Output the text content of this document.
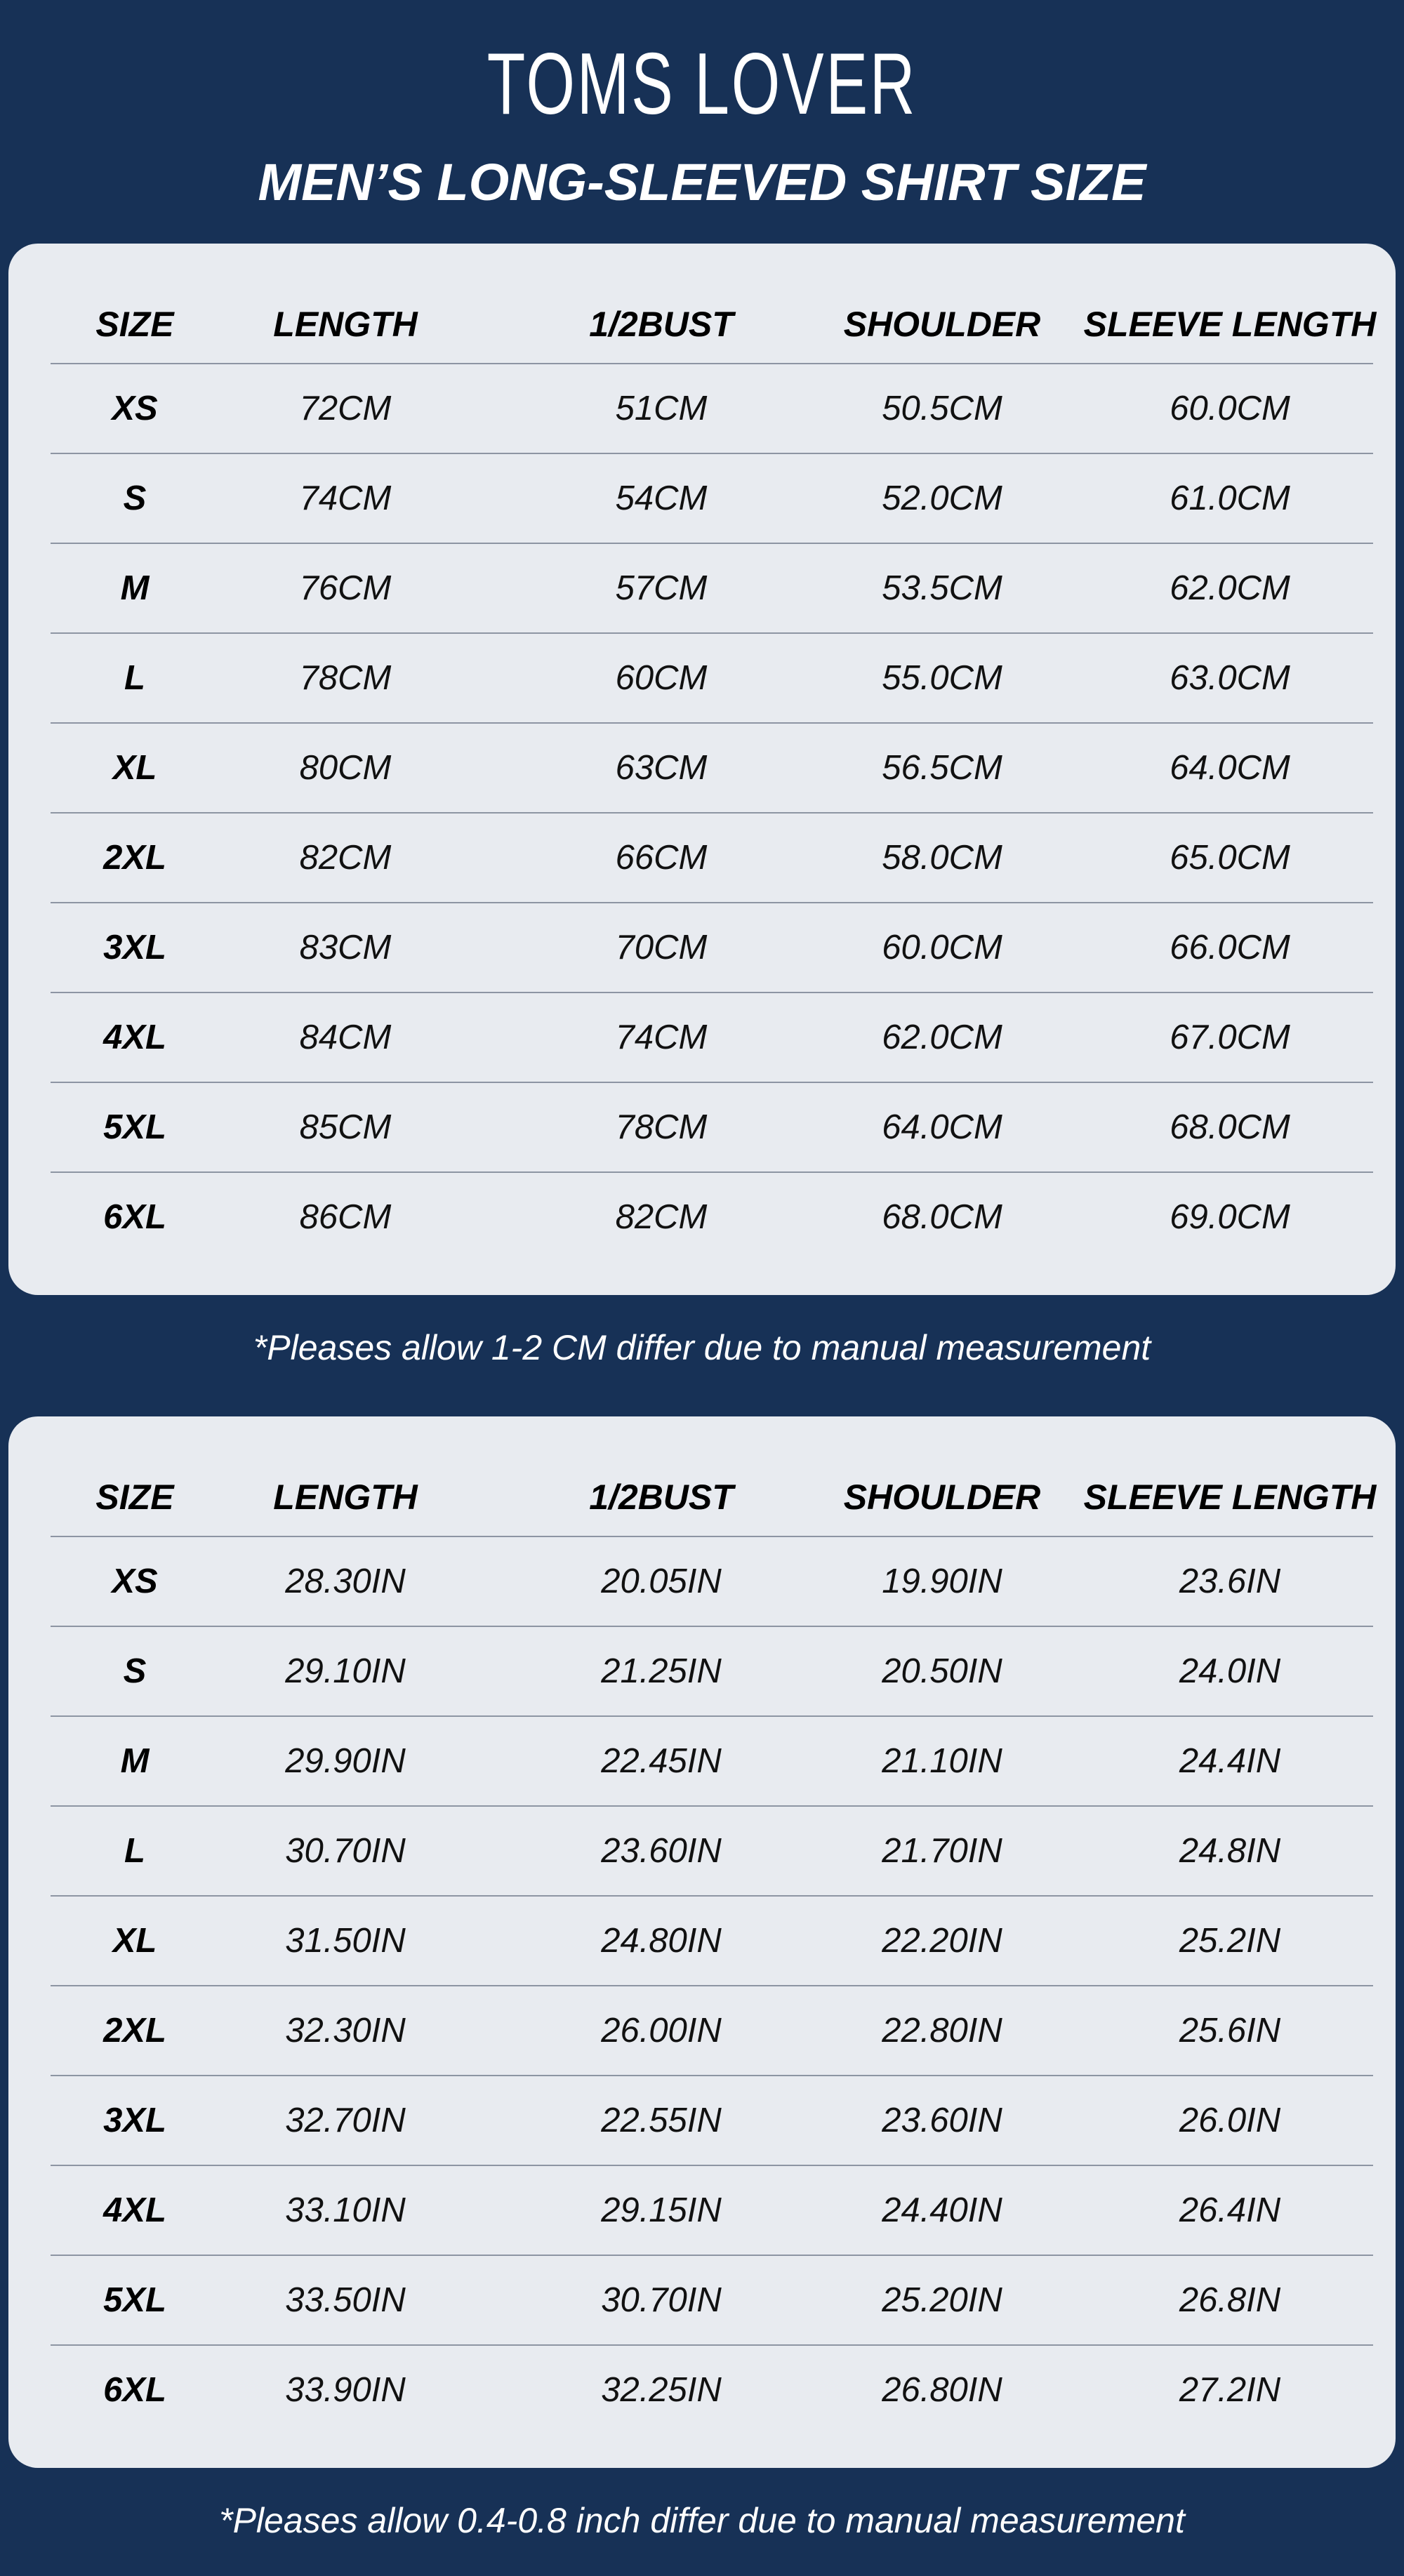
TOMS LOVER
MEN’S LONG-SLEEVED SHIRT SIZE
SIZE	LENGTH	1/2BUST	SHOULDER	SLEEVE LENGTH
XS	72CM	51CM	50.5CM	60.0CM
S	74CM	54CM	52.0CM	61.0CM
M	76CM	57CM	53.5CM	62.0CM
L	78CM	60CM	55.0CM	63.0CM
XL	80CM	63CM	56.5CM	64.0CM
2XL	82CM	66CM	58.0CM	65.0CM
3XL	83CM	70CM	60.0CM	66.0CM
4XL	84CM	74CM	62.0CM	67.0CM
5XL	85CM	78CM	64.0CM	68.0CM
6XL	86CM	82CM	68.0CM	69.0CM
*Pleases allow 1-2 CM differ due to manual measurement
SIZE	LENGTH	1/2BUST	SHOULDER	SLEEVE LENGTH
XS	28.30IN	20.05IN	19.90IN	23.6IN
S	29.10IN	21.25IN	20.50IN	24.0IN
M	29.90IN	22.45IN	21.10IN	24.4IN
L	30.70IN	23.60IN	21.70IN	24.8IN
XL	31.50IN	24.80IN	22.20IN	25.2IN
2XL	32.30IN	26.00IN	22.80IN	25.6IN
3XL	32.70IN	22.55IN	23.60IN	26.0IN
4XL	33.10IN	29.15IN	24.40IN	26.4IN
5XL	33.50IN	30.70IN	25.20IN	26.8IN
6XL	33.90IN	32.25IN	26.80IN	27.2IN
*Pleases allow 0.4-0.8 inch differ due to manual measurement
